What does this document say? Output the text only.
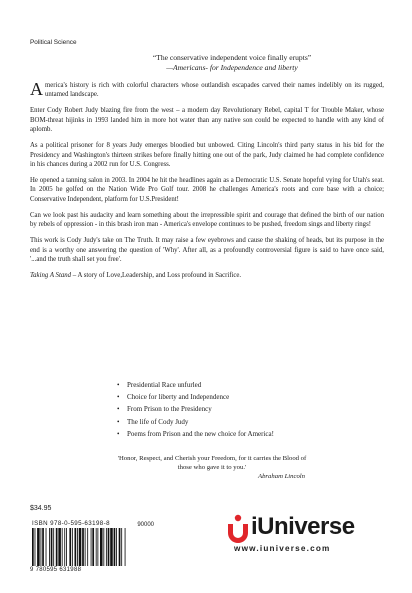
Political Science
“The conservative independent voice finally erupts”
—Americans- for Independence and liberty

America's history is rich with colorful characters whose outlandish escapades carved their names indelibly on its rugged, untamed landscape.

Enter Cody Robert Judy blazing fire from the west – a modern day Revolutionary Rebel, capital T for Trouble Maker, whose BOM-threat hijinks in 1993 landed him in more hot water than any native son could be expected to handle with any kind of aplomb.

As a political prisoner for 8 years Judy emerges bloodied but unbowed. Citing Lincoln's third party status in his bid for the Presidency and Washington's thirteen strikes before finally hitting one out of the park, Judy claimed he had complete confidence in his chances during a 2002 run for U.S. Congress.

He opened a tanning salon in 2003. In 2004 he hit the headlines again as a Democratic U.S. Senate hopeful vying for Utah's seat. In 2005 he golfed on the Nation Wide Pro Golf tour. 2008 he challenges America's roots and core base with a choice; Conservative Independent, platform for U.S.President!

Can we look past his audacity and learn something about the irrepressible spirit and courage that defined the birth of our nation by rebels of oppression - in this brash iron man - America's envelope continues to be pushed, freedom sings and liberty rings!

This work is Cody Judy's take on The Truth. It may raise a few eyebrows and cause the shaking of heads, but its purpose in the end is a worthy one answering the question of 'Why'. After all, as a profoundly controversial figure is said to have once said, '...and the truth shall set you free'.

Taking A Stand – A story of Love,Leadership, and Loss profound in Sacrifice.

• Presidential Race unfurled
• Choice for liberty and Independence
• From Prison to the Presidency
• The life of Cody Judy
• Poems from Prison and the new choice for America!
'Honor, Respect, and Cherish your Freedom, for it carries the Blood of those who gave it to you.'
Abraham Lincoln
$34.95
ISBN 978-0-595-63198-8	90000
9 780595 631988
iUniverse
www.iuniverse.com
